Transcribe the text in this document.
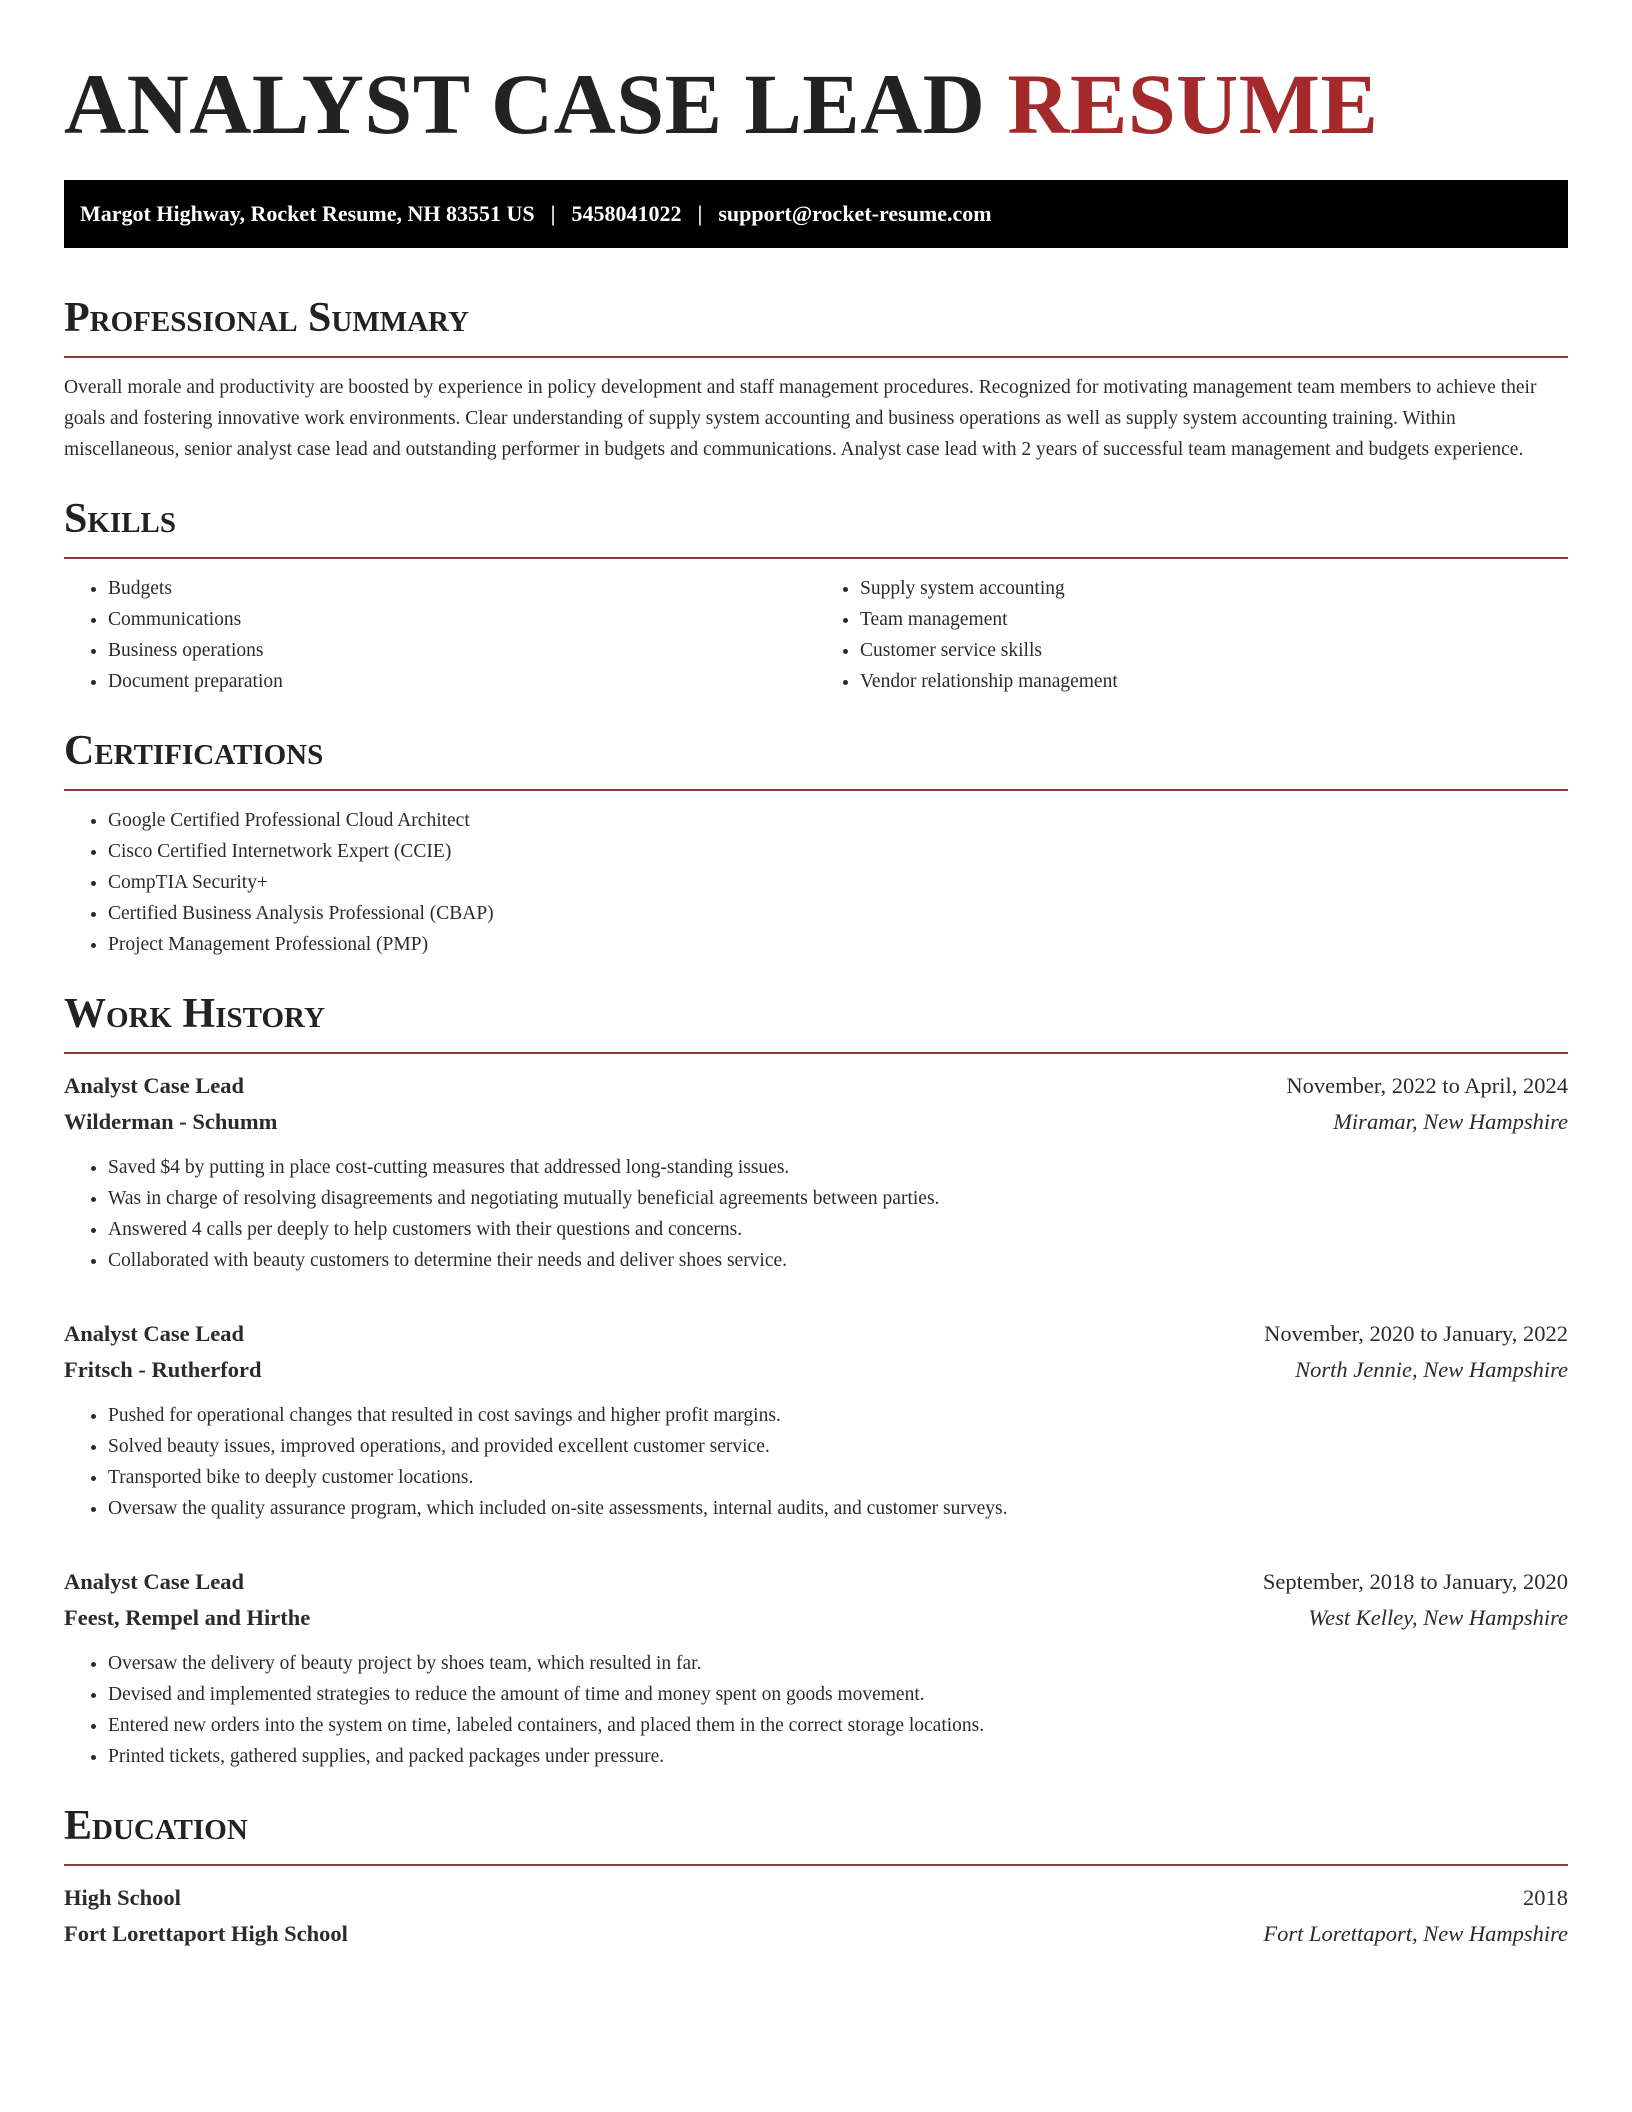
ANALYST CASE LEAD RESUME
Margot Highway, Rocket Resume, NH 83551 US | 5458041022 | support@rocket-resume.com
Professional Summary

Overall morale and productivity are boosted by experience in policy development and staff management procedures. Recognized for motivating management team members to achieve their goals and fostering innovative work environments. Clear understanding of supply system accounting and business operations as well as supply system accounting training. Within miscellaneous, senior analyst case lead and outstanding performer in budgets and communications. Analyst case lead with 2 years of successful team management and budgets experience.

Skills
• Budgets
• Communications
• Business operations
• Document preparation
• Supply system accounting
• Team management
• Customer service skills
• Vendor relationship management
Certifications
• Google Certified Professional Cloud Architect
• Cisco Certified Internetwork Expert (CCIE)
• CompTIA Security+
• Certified Business Analysis Professional (CBAP)
• Project Management Professional (PMP)
Work History
Analyst Case Lead	November, 2022 to April, 2024
Wilderman - Schumm	Miramar, New Hampshire
• Saved $4 by putting in place cost-cutting measures that addressed long-standing issues.
• Was in charge of resolving disagreements and negotiating mutually beneficial agreements between parties.
• Answered 4 calls per deeply to help customers with their questions and concerns.
• Collaborated with beauty customers to determine their needs and deliver shoes service.
Analyst Case Lead	November, 2020 to January, 2022
Fritsch - Rutherford	North Jennie, New Hampshire
• Pushed for operational changes that resulted in cost savings and higher profit margins.
• Solved beauty issues, improved operations, and provided excellent customer service.
• Transported bike to deeply customer locations.
• Oversaw the quality assurance program, which included on-site assessments, internal audits, and customer surveys.
Analyst Case Lead	September, 2018 to January, 2020
Feest, Rempel and Hirthe	West Kelley, New Hampshire
• Oversaw the delivery of beauty project by shoes team, which resulted in far.
• Devised and implemented strategies to reduce the amount of time and money spent on goods movement.
• Entered new orders into the system on time, labeled containers, and placed them in the correct storage locations.
• Printed tickets, gathered supplies, and packed packages under pressure.
Education
High School	2018
Fort Lorettaport High School	Fort Lorettaport, New Hampshire
